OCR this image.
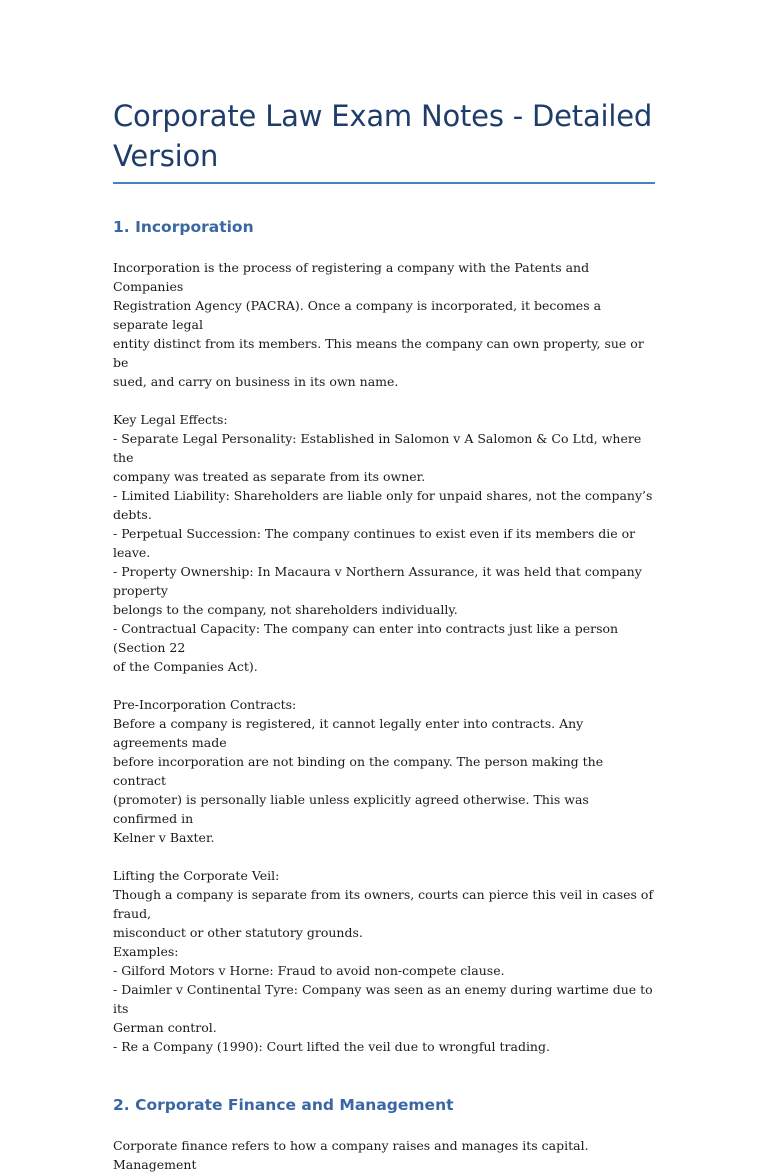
Corporate Law Exam Notes - Detailed
Version
1. Incorporation

Incorporation is the process of registering a company with the Patents and Companies
Registration Agency (PACRA). Once a company is incorporated, it becomes a separate legal
entity distinct from its members. This means the company can own property, sue or be
sued, and carry on business in its own name.

Key Legal Effects:
- Separate Legal Personality: Established in Salomon v A Salomon & Co Ltd, where the
company was treated as separate from its owner.
- Limited Liability: Shareholders are liable only for unpaid shares, not the company’s debts.
- Perpetual Succession: The company continues to exist even if its members die or leave.
- Property Ownership: In Macaura v Northern Assurance, it was held that company property
belongs to the company, not shareholders individually.
- Contractual Capacity: The company can enter into contracts just like a person (Section 22
of the Companies Act).

Pre-Incorporation Contracts:
Before a company is registered, it cannot legally enter into contracts. Any agreements made
before incorporation are not binding on the company. The person making the contract
(promoter) is personally liable unless explicitly agreed otherwise. This was confirmed in
Kelner v Baxter.

Lifting the Corporate Veil:
Though a company is separate from its owners, courts can pierce this veil in cases of fraud,
misconduct or other statutory grounds.
Examples:
- Gilford Motors v Horne: Fraud to avoid non-compete clause.
- Daimler v Continental Tyre: Company was seen as an enemy during wartime due to its
German control.
- Re a Company (1990): Court lifted the veil due to wrongful trading.

2. Corporate Finance and Management

Corporate finance refers to how a company raises and manages its capital. Management
